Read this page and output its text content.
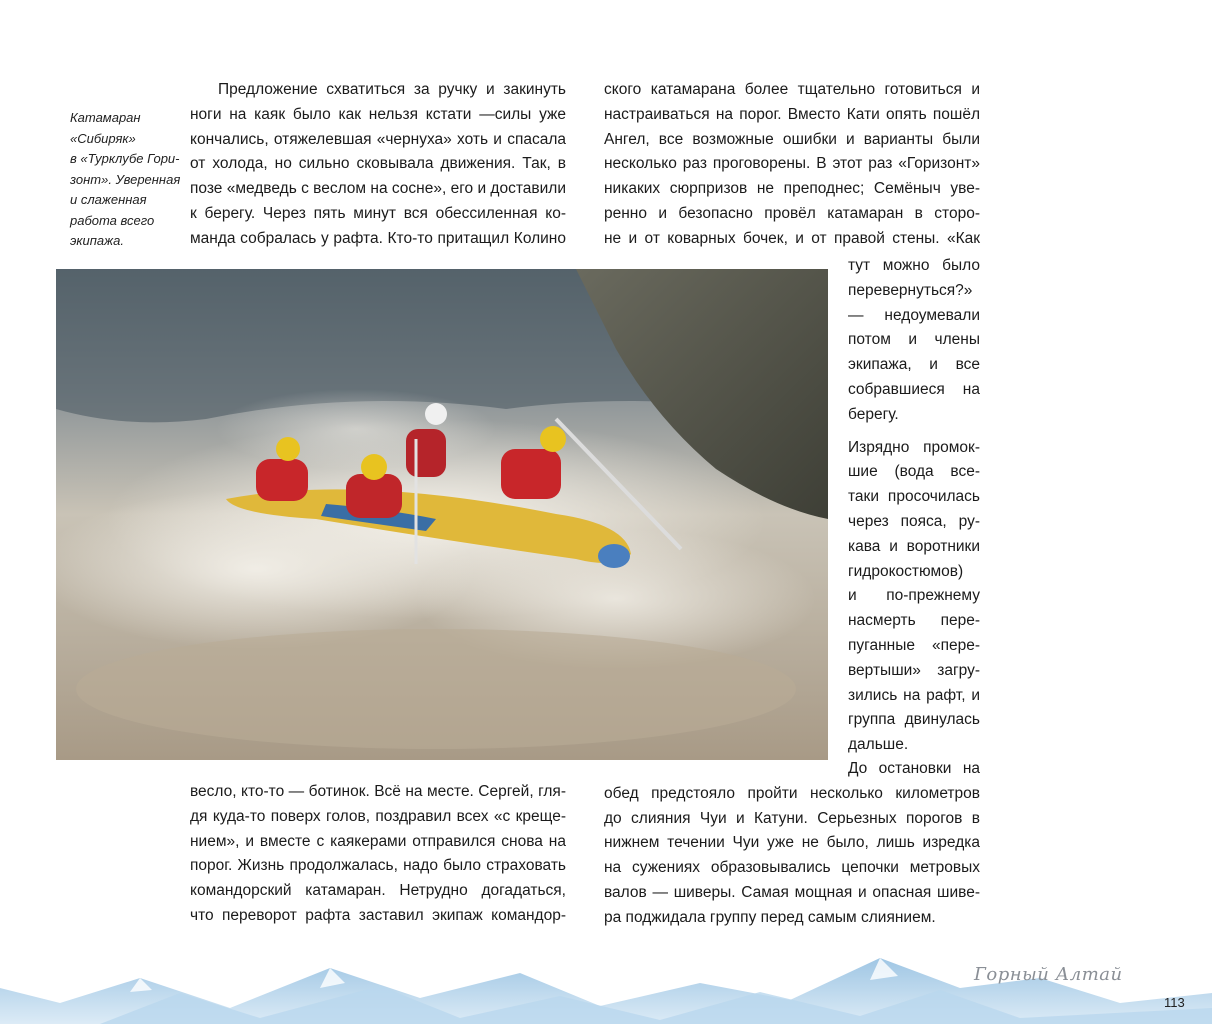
Катамаран
«Сибиряк»
в «Турклубе Гори-
зонт». Уверенная
и слаженная
работа всего
экипажа.
Предложение схватиться за ручку и закинуть
ноги на каяк было как нельзя кстати —силы уже
кончались, отяжелевшая «чернуха» хоть и спасала
от холода, но сильно сковывала движения. Так, в
позе «медведь с веслом на сосне», его и доставили
к берегу. Через пять минут вся обессиленная ко-
манда собралась у рафта. Кто-то притащил Колино
ского катамарана более тщательно готовиться и
настраиваться на порог. Вместо Кати опять пошёл
Ангел, все возможные ошибки и варианты были
несколько раз проговорены. В этот раз «Горизонт»
никаких сюрпризов не преподнес; Семёныч уве-
ренно и безопасно провёл катамаран в сторо-
не и от коварных бочек, и от правой стены. «Как
тут можно было
перевернуться?»
— недоумевали
потом и члены
экипажа, и все
собравшиеся на
берегу.
Изрядно промок-
шие (вода все-
таки просочилась
через пояса, ру-
кава и воротники
гидрокостюмов)
и по-прежнему
насмерть пере-
пуганные «пере-
вертыши» загру-
зились на рафт, и
группа двинулась
дальше.
весло, кто-то — ботинок. Всё на месте. Сергей, гля-
дя куда-то поверх голов, поздравил всех «с креще-
нием», и вместе с каякерами отправился снова на
порог. Жизнь продолжалась, надо было страховать
командорский катамаран. Нетрудно догадаться,
что переворот рафта заставил экипаж командор-
До остановки на
обед предстояло пройти несколько километров
до слияния Чуи и Катуни. Серьезных порогов в
нижнем течении Чуи уже не было, лишь изредка
на сужениях образовывались цепочки метровых
валов — шиверы. Самая мощная и опасная шиве-
ра поджидала группу перед самым слиянием.
Горный Алтай
113
